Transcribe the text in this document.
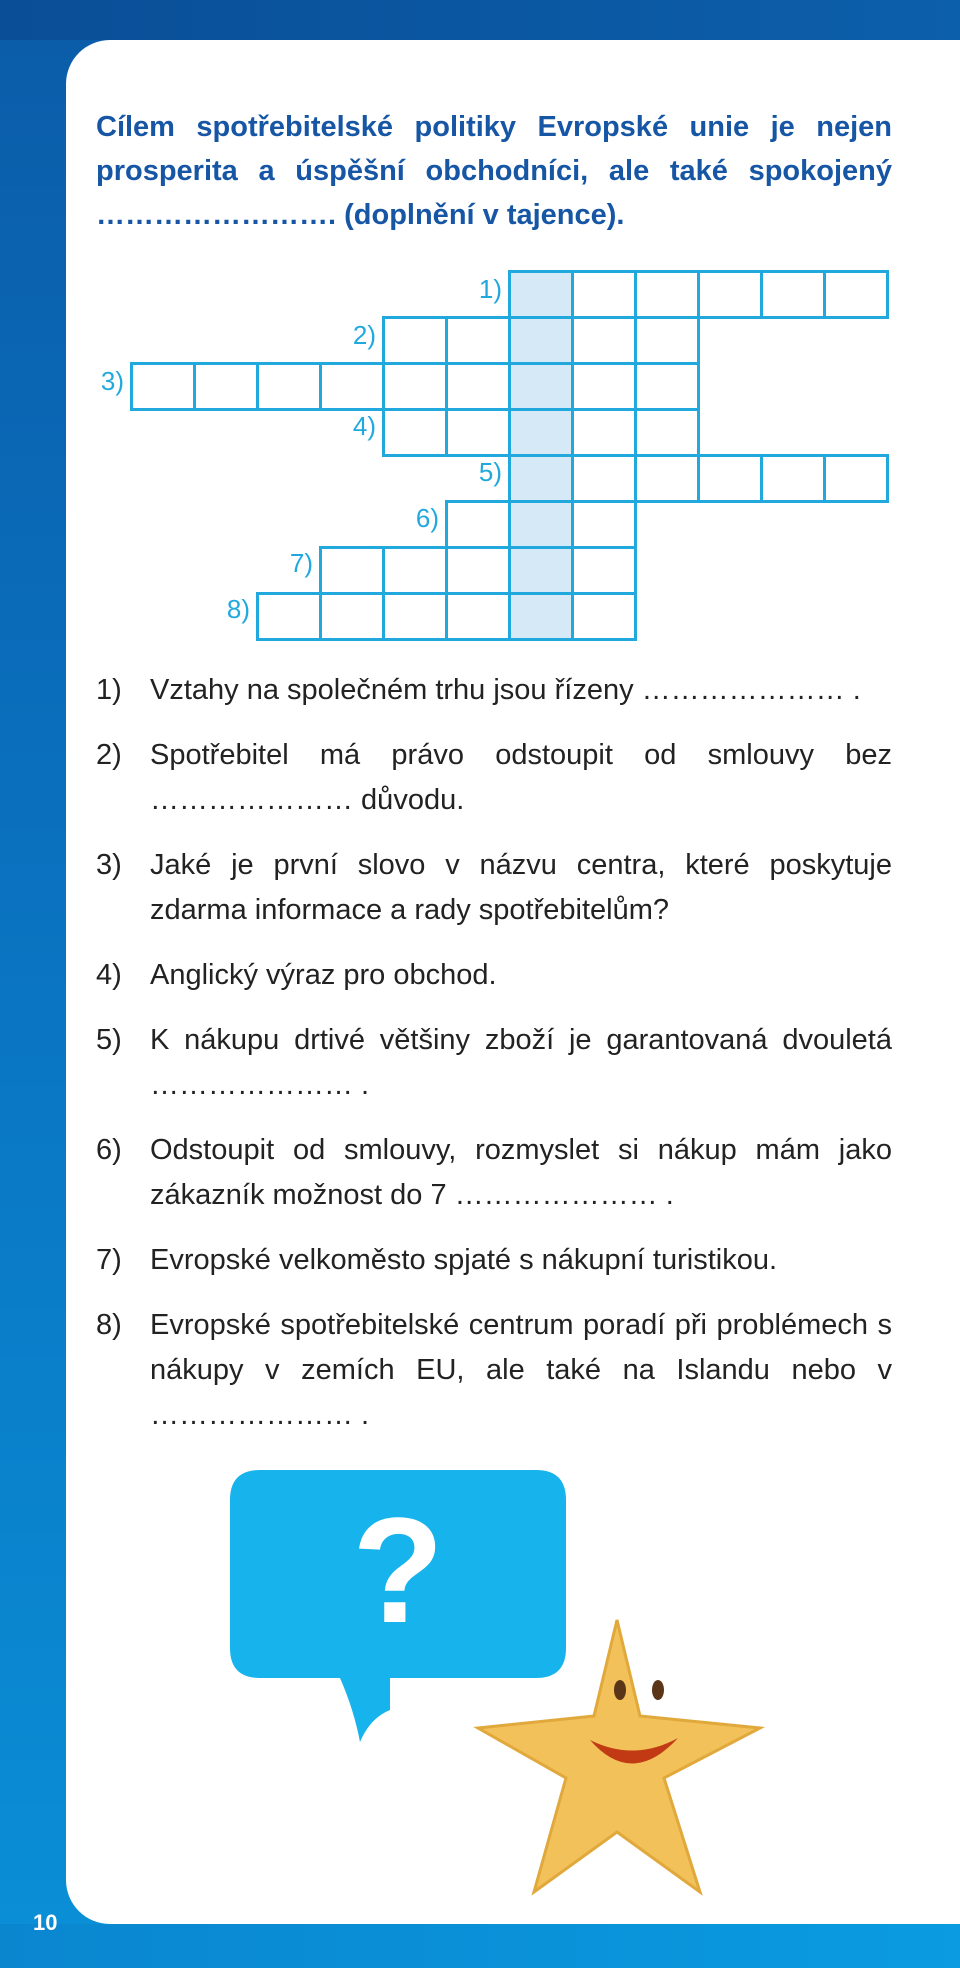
Cílem spotřebitelské politiky Evropské unie je nejen prosperita a úspěšní obchodníci, ale také spokojený ……………………. (doplnění v tajence).
1)
2)
3)
4)
5)
6)
7)
8)
1) Vztahy na společném trhu jsou řízeny ………………… .
2) Spotřebitel má právo odstoupit od smlouvy bez ………………… důvodu.
3) Jaké je první slovo v názvu centra, které poskytuje zdarma informace a rady spotřebitelům?
4) Anglický výraz pro obchod.
5) K nákupu drtivé většiny zboží je garantovaná dvouletá ………………… .
6) Odstoupit od smlouvy, rozmyslet si nákup mám jako zákazník možnost do 7 ………………… .
7) Evropské velkoměsto spjaté s nákupní turistikou.
8) Evropské spotřebitelské centrum poradí při problémech s nákupy v zemích EU, ale také na Islandu nebo v ………………… .
?
10
